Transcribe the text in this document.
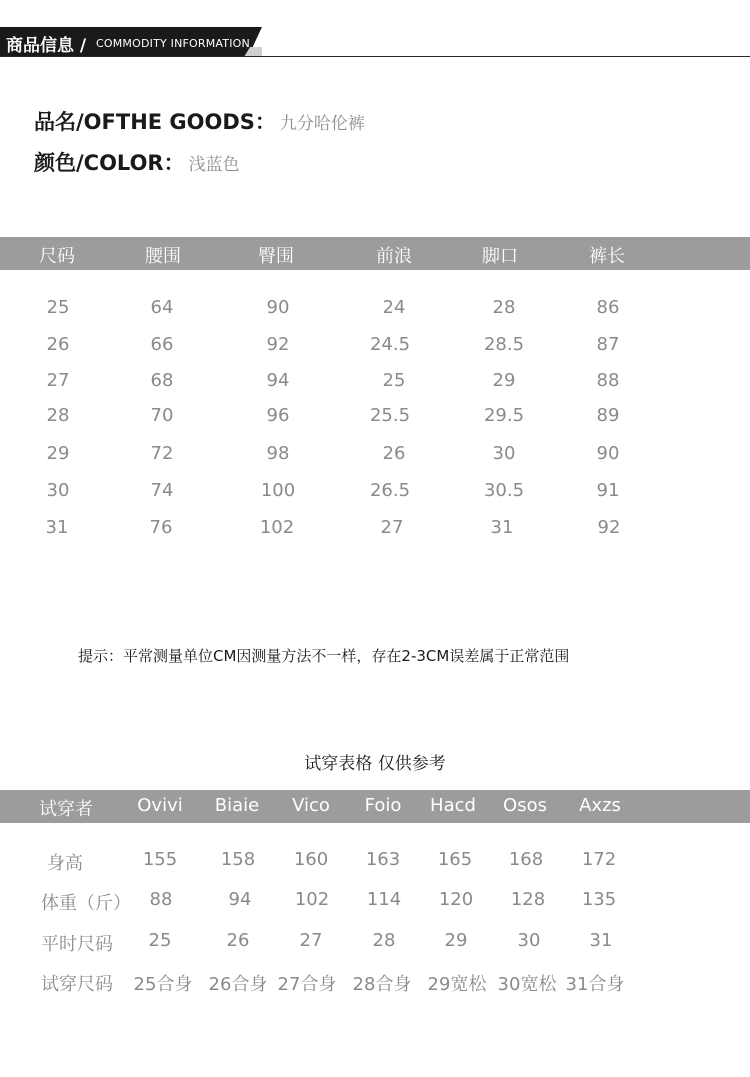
商品信息 / COMMODITY INFORMATION
品名/OFTHE GOODS： 九分哈伦裤
颜色/COLOR： 浅蓝色
尺码	腰围	臀围	前浪	脚口	裤长
25	64	90	24	28	86
26	66	92	24.5	28.5	87
27	68	94	25	29	88
28	70	96	25.5	29.5	89
29	72	98	26	30	90
30	74	100	26.5	30.5	91
31	76	102	27	31	92
提示：平常测量单位CM因测量方法不一样，存在2-3CM误差属于正常范围
试穿表格 仅供参考
试穿者 Ovivi Biaie Vico Foio Hacd Osos Axzs
身高	155 158 160 163 165 168 172
体重（斤） 88	94 102 114 120 128 135
平时尺码 25	26	27	28	29	30	31
试穿尺码 25合身 26合身 27合身 28合身 29宽松 30宽松 31合身
